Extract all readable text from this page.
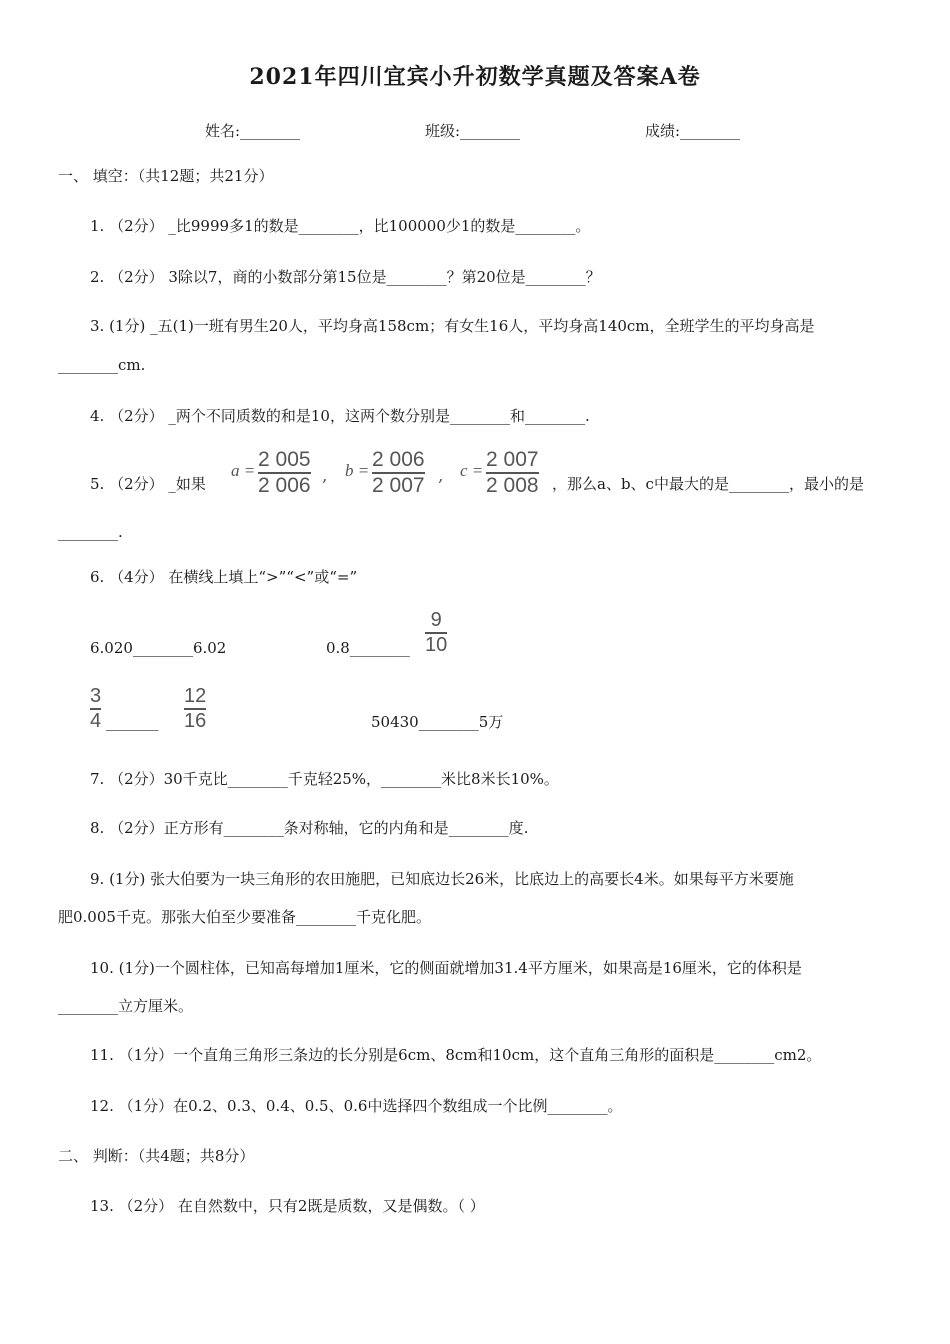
2021年四川宜宾小升初数学真题及答案A卷
姓名:________	班级:________	成绩:________
一、 填空：（共12题；共21分）
1. （2分） _比9999多1的数是________，比100000少1的数是________。
2. （2分） 3除以7，商的小数部分第15位是________？第20位是________？
3. (1分) _五(1)一班有男生20人，平均身高158cm；有女生16人，平均身高140cm，全班学生的平均身高是
________cm.
4. （2分） _两个不同质数的和是10，这两个数分别是________和________.
5. （2分） _如果
a = 2 005
2 006 , b = 2 006
2 007 , c = 2 007
2 008 ，那么a、b、c中最大的是________，最小的是
________.
6. （4分） 在横线上填上“>”“<”或“=”
6.020________6.02	0.8________
9
10
3
4 _______
12
16	50430________5万
7. （2分）30千克比________千克轻25%，________米比8米长10%。
8. （2分）正方形有________条对称轴，它的内角和是________度.
9. (1分) 张大伯要为一块三角形的农田施肥，已知底边长26米，比底边上的高要长4米。如果每平方米要施
肥0.005千克。那张大伯至少要准备________千克化肥。
10. (1分)一个圆柱体，已知高每增加1厘米，它的侧面就增加31.4平方厘米，如果高是16厘米，它的体积是
________立方厘米。
11. （1分）一个直角三角形三条边的长分别是6cm、8cm和10cm，这个直角三角形的面积是________cm2。
12. （1分）在0.2、0.3、0.4、0.5、0.6中选择四个数组成一个比例________。
二、 判断：（共4题；共8分）
13. （2分） 在自然数中，只有2既是质数，又是偶数。（ ）
